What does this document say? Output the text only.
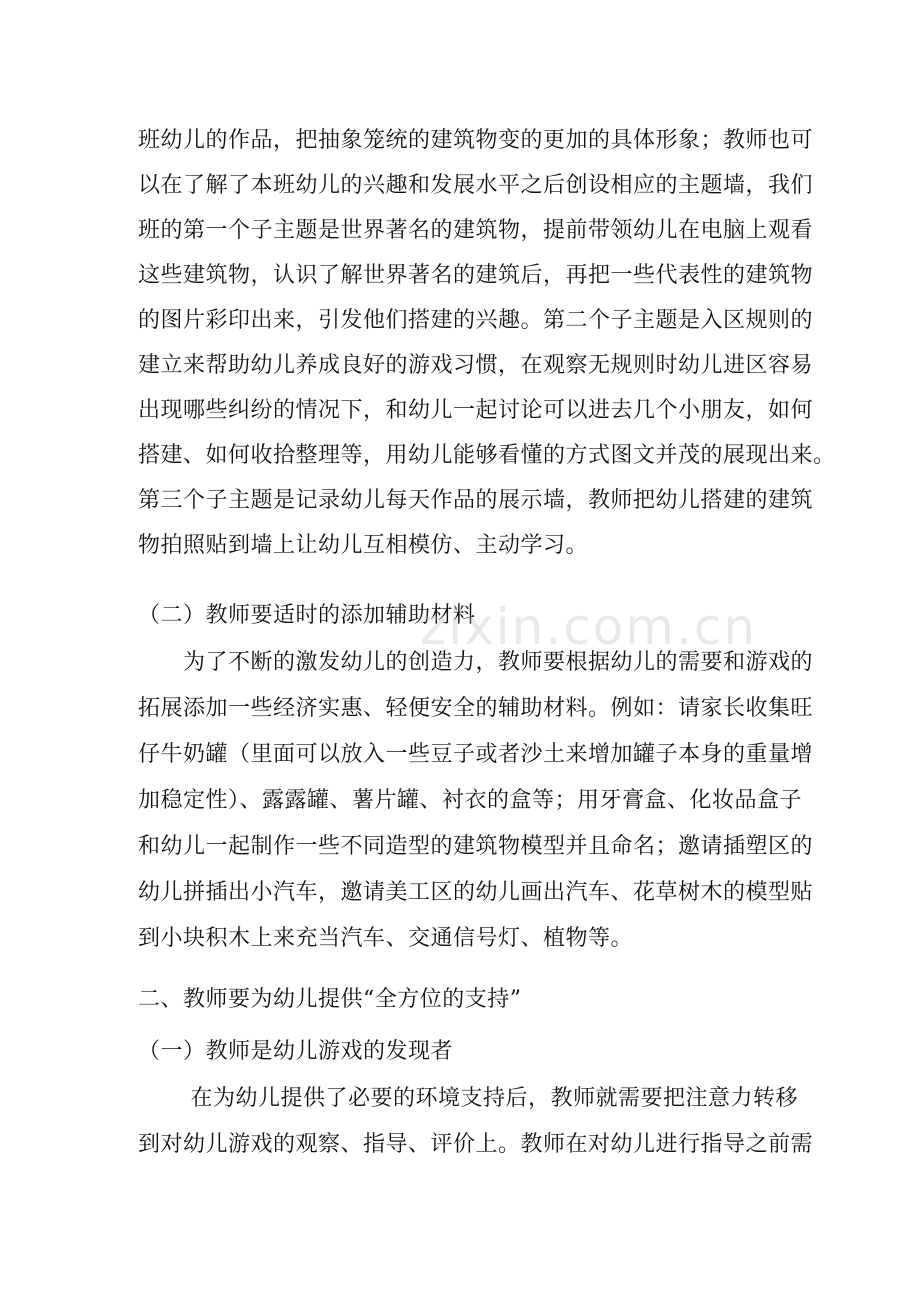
班幼儿的作品，把抽象笼统的建筑物变的更加的具体形象；教师也可
以在了解了本班幼儿的兴趣和发展水平之后创设相应的主题墙，我们
班的第一个子主题是世界著名的建筑物，提前带领幼儿在电脑上观看
这些建筑物，认识了解世界著名的建筑后，再把一些代表性的建筑物
的图片彩印出来，引发他们搭建的兴趣。第二个子主题是入区规则的
建立来帮助幼儿养成良好的游戏习惯，在观察无规则时幼儿进区容易
出现哪些纠纷的情况下，和幼儿一起讨论可以进去几个小朋友，如何
搭建、如何收拾整理等，用幼儿能够看懂的方式图文并茂的展现出来。
第三个子主题是记录幼儿每天作品的展示墙，教师把幼儿搭建的建筑
物拍照贴到墙上让幼儿互相模仿、主动学习。
（二）教师要适时的添加辅助材料
　　为了不断的激发幼儿的创造力，教师要根据幼儿的需要和游戏的
拓展添加一些经济实惠、轻便安全的辅助材料。例如：请家长收集旺
仔牛奶罐（里面可以放入一些豆子或者沙土来增加罐子本身的重量增
加稳定性）、露露罐、薯片罐、衬衣的盒等；用牙膏盒、化妆品盒子
和幼儿一起制作一些不同造型的建筑物模型并且命名；邀请插塑区的
幼儿拼插出小汽车，邀请美工区的幼儿画出汽车、花草树木的模型贴
到小块积木上来充当汽车、交通信号灯、植物等。
二、教师要为幼儿提供“全方位的支持”
（一）教师是幼儿游戏的发现者
　　 在为幼儿提供了必要的环境支持后，教师就需要把注意力转移
到对幼儿游戏的观察、指导、评价上。教师在对幼儿进行指导之前需
zixin.com.cn
